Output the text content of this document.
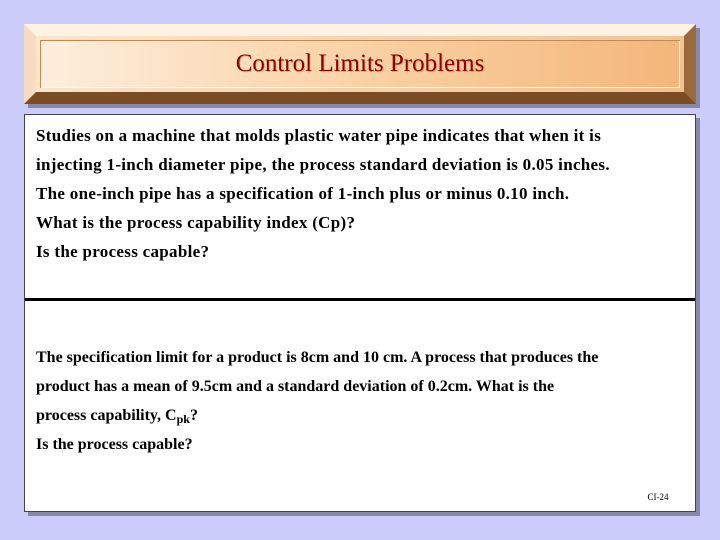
Control Limits Problems
Studies on a machine that molds plastic water pipe indicates that when it is
injecting 1-inch diameter pipe, the process standard deviation is 0.05 inches.
The one-inch pipe has a specification of 1-inch plus or minus 0.10 inch.
What is the process capability index (Cp)?
Is the process capable?
The specification limit for a product is 8cm and 10 cm. A process that produces the
product has a mean of 9.5cm and a standard deviation of 0.2cm. What is the
process capability, $C_{pk}$?
Is the process capable?
CI-24
